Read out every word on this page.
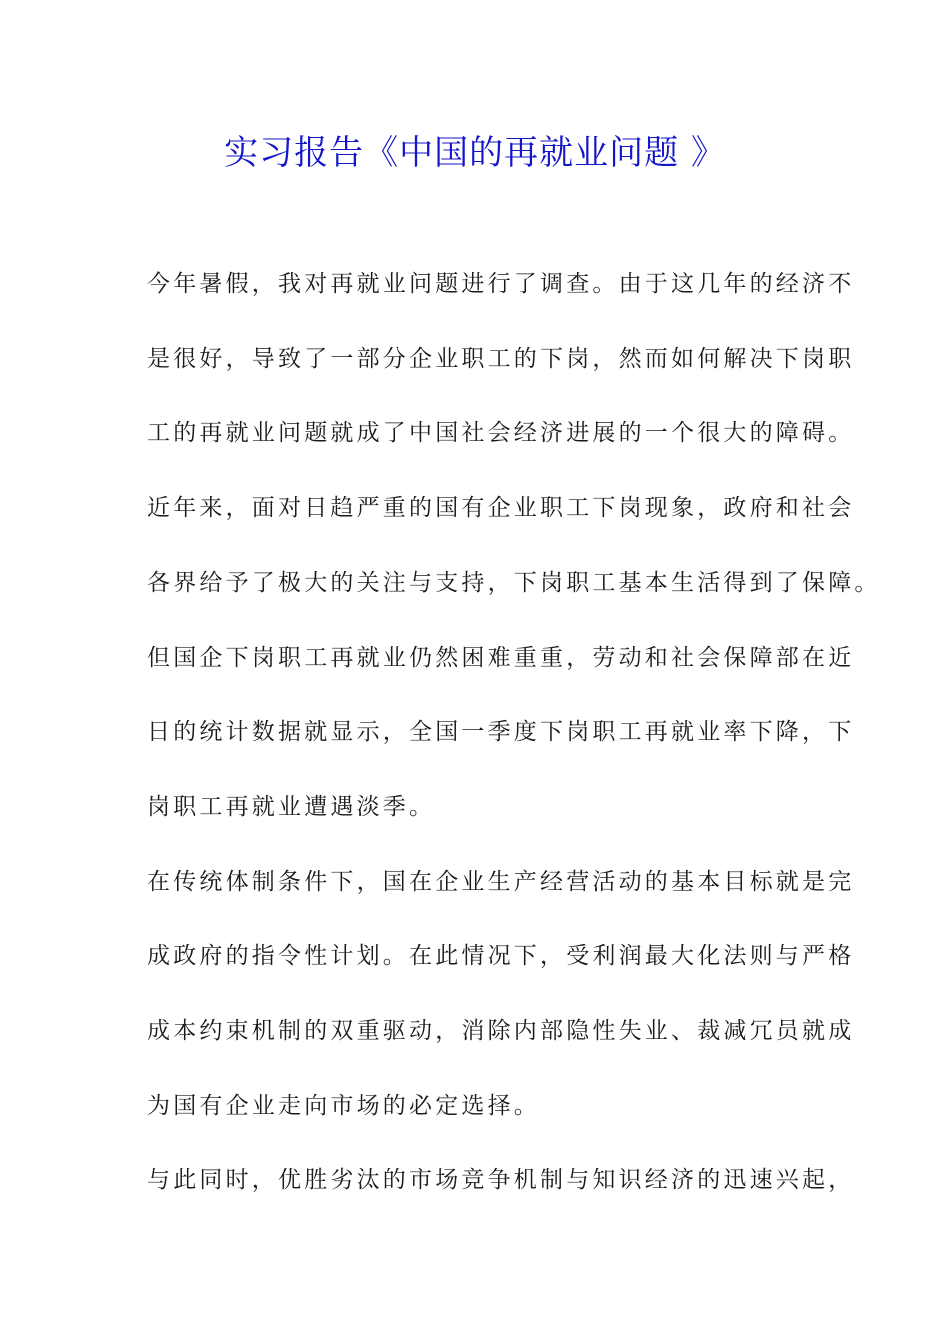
实习报告《中国的再就业问题 》
今年暑假，我对再就业问题进行了调查。由于这几年的经济不
是很好，导致了一部分企业职工的下岗，然而如何解决下岗职
工的再就业问题就成了中国社会经济进展的一个很大的障碍。
近年来，面对日趋严重的国有企业职工下岗现象，政府和社会
各界给予了极大的关注与支持，下岗职工基本生活得到了保障。
但国企下岗职工再就业仍然困难重重，劳动和社会保障部在近
日的统计数据就显示，全国一季度下岗职工再就业率下降，下
岗职工再就业遭遇淡季。
在传统体制条件下，国在企业生产经营活动的基本目标就是完
成政府的指令性计划。在此情况下，受利润最大化法则与严格
成本约束机制的双重驱动，消除内部隐性失业、裁减冗员就成
为国有企业走向市场的必定选择。
与此同时，优胜劣汰的市场竞争机制与知识经济的迅速兴起，
